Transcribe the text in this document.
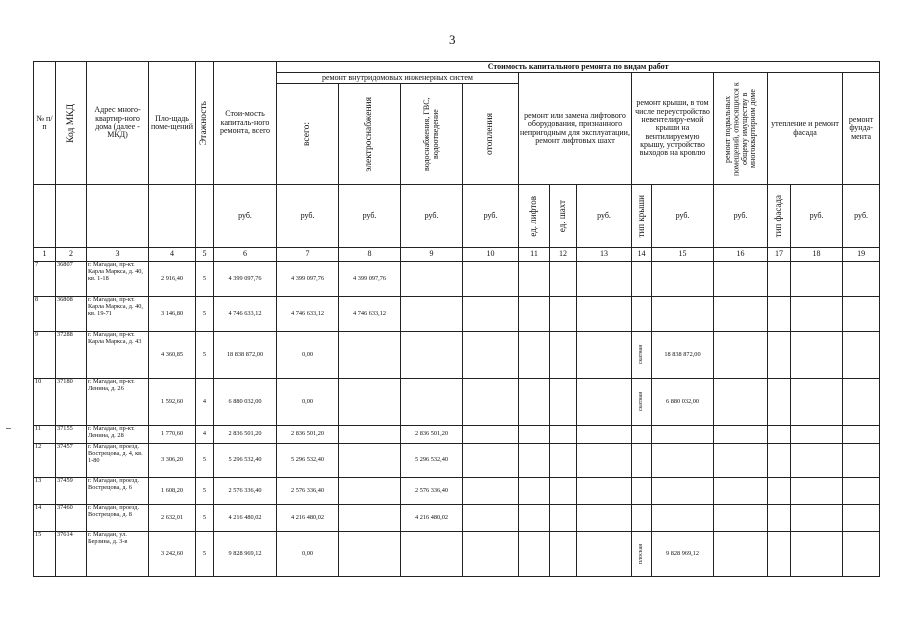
3
№ п/ п	Код МКД	Адрес много-квартир-ного дома (далее - МКД)	Пло-щадь поме-щений	Этажность	Стои-мость капиталь-ного ремонта, всего	Стоимость капитального ремонта по видам работ												
						ремонт внутридомовых инженерных систем				ремонт или замена лифтового оборудования, признанного непригодным для эксплуатации, ремонт лифтовых шахт			ремонт крыши, в том числе переустройство невентелиру-емой крыши на вентилируемую крышу, устройство выходов на кровлю		ремонт подвальных помещений, относящихся к общему имуществу в многоквартирном доме	утепление и ремонт фасада		ремонт фунда-мента

						всего:	электроснабжения	водоснабжения, ГВС, водоотведение	отопления									

					руб.	руб.	руб.	руб.	руб.	ед. лифтов	ед. шахт	руб.	тип крыши	руб.	руб.	тип фасада	руб.	руб.
1	2	3	4	5	6	7	8	9	10	11	12	13	14	15	16	17	18	19
7	36807	г. Магадан, пр-кт. Карла Маркса, д. 40, кв. 1-18	2 916,40	5	4 399 097,76	4 399 097,76	4 399 097,76						

8	36808	г. Магадан, пр-кт. Карла Маркса, д. 40, кв. 19-71	3 146,80	5	4 746 633,12	4 746 633,12	4 746 633,12						

9	37288	г. Магадан, пр-кт. Карла Маркса, д. 43	4 360,85	5	18 838 872,00	0,00							скатная	18 838 872,00				
10	37180	г. Магадан, пр-кт. Ленина, д. 26	1 592,60	4	6 880 032,00	0,00							скатная	6 880 032,00				
11	37155	г. Магадан, пр-кт. Ленина, д. 28	1 770,60	4	2 836 501,20	2 836 501,20		2 836 501,20					

12	37457	г. Магадан, проезд. Вострецова, д. 4, кв. 1-80	3 306,20	5	5 296 532,40	5 296 532,40		5 296 532,40					

13	37459	г. Магадан, проезд. Вострецова, д. 6	1 608,20	5	2 576 336,40	2 576 336,40		2 576 336,40					

14	37460	г. Магадан, проезд. Вострецова, д. 8	2 632,01	5	4 216 480,02	4 216 480,02		4 216 480,02					

15	37614	г. Магадан, ул. Берзина, д. 3-в	3 242,60	5	9 828 969,12	0,00							плоская	9 828 969,12				
